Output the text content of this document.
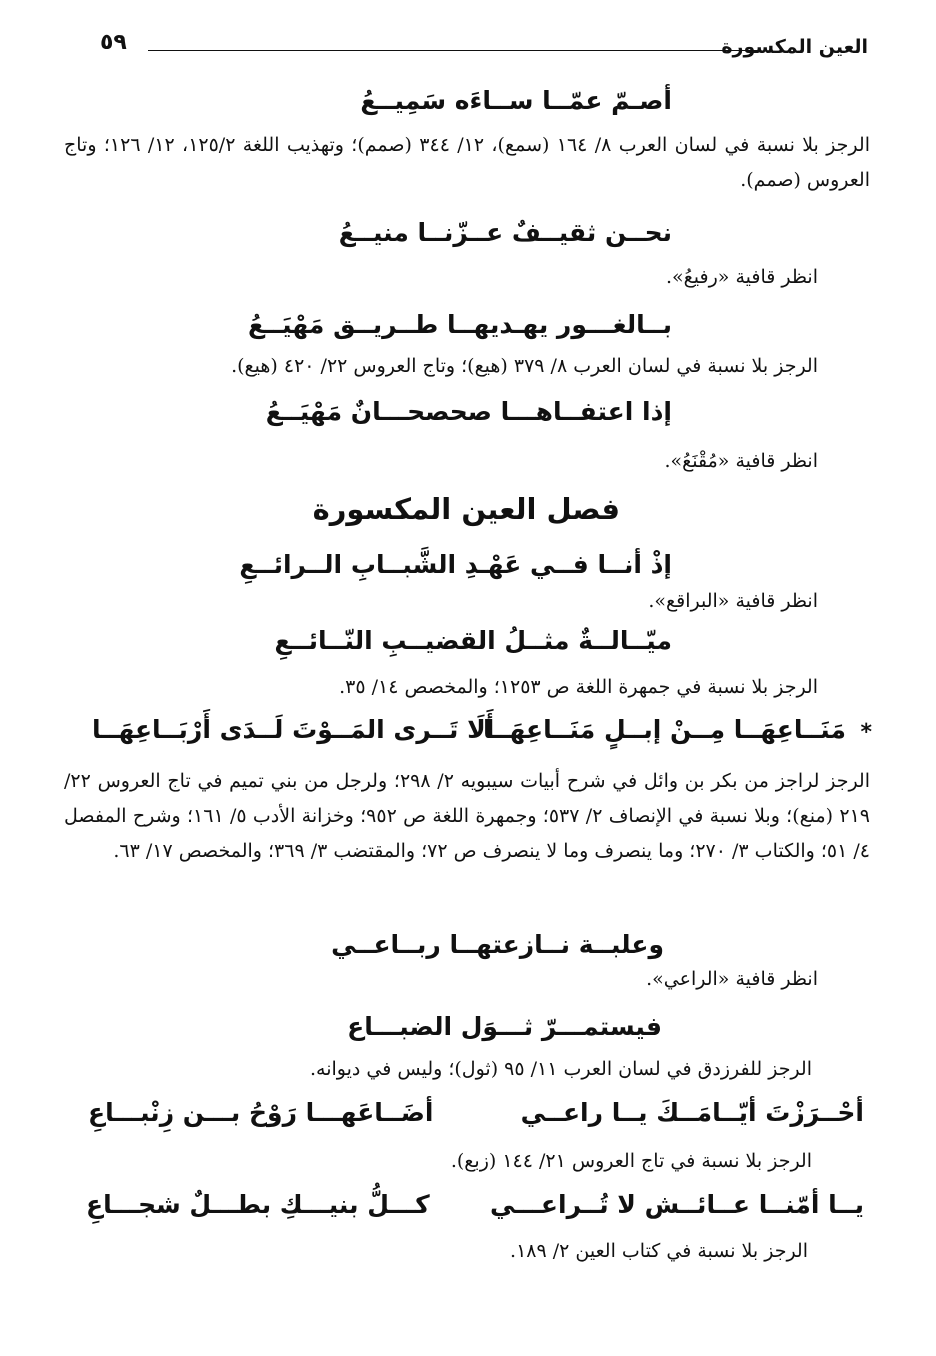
العين المكسورة
٥٩
أصـمّ عمّــا ســاءَه سَمِيــعُ
الرجز بلا نسبة في لسان العرب ٨/ ١٦٤ (سمع)، ١٢/ ٣٤٤ (صمم)؛ وتهذيب اللغة ١٢٥/٢، ١٢/ ١٢٦؛ وتاج العروس (صمم).
نحــن ثقيــفٌ عــزّنــا منيــعُ
انظر قافية «رفيعُ».
بــالغـــور يهـديهــا طــريــق مَهْيَــعُ
الرجز بلا نسبة في لسان العرب ٨/ ٣٧٩ (هيع)؛ وتاج العروس ٢٢/ ٤٢٠ (هيع).
إذا اعتفــاهـــا صحصحـــانٌ مَهْيَــعُ
انظر قافية «مُقْنَعُ».
فصل العين المكسورة
إذْ أنــا فــي عَهْـدِ الشَّبــابِ الــرائــعِ
انظر قافية «البراقع».
ميّــالــةٌ مثــلُ القضيــبِ النّــائــعِ
الرجز بلا نسبة في جمهرة اللغة ص ١٢٥٣؛ والمخصص ١٤/ ٣٥.
*
مَنَــاعِهَــا مِــنْ إبــلٍ مَنَــاعِهَــا
أَلَا تَــرى المَــوْتَ لَــدَى أَرْبَــاعِهَــا
الرجز لراجز من بكر بن وائل في شرح أبيات سيبويه ٢/ ٢٩٨؛ ولرجل من بني تميم في تاج العروس ٢٢/ ٢١٩ (منع)؛ وبلا نسبة في الإنصاف ٢/ ٥٣٧؛ وجمهرة اللغة ص ٩٥٢؛ وخزانة الأدب ٥/ ١٦١؛ وشرح المفصل ٤/ ٥١؛ والكتاب ٣/ ٢٧٠؛ وما ينصرف وما لا ينصرف ص ٧٢؛ والمقتضب ٣/ ٣٦٩؛ والمخصص ١٧/ ٦٣.
وعلبــة نــازعتهــا ربــاعــي
انظر قافية «الراعي».
فيستمـــرّ ثـــوَل الضبـــاع
الرجز للفرزدق في لسان العرب ١١/ ٩٥ (ثول)؛ وليس في ديوانه.
أحْــرَزْتَ أيّــامَــكَ يــا راعــي
أضَــاعَهـــا رَوْحُ بـــن زِنْبـــاعِ
الرجز بلا نسبة في تاج العروس ٢١/ ١٤٤ (زبع).
يــا أمّنــا عــائــش لا تُــراعـــي
كـــلُّ بنيـــكِ بطـــلٌ شجـــاعِ
الرجز بلا نسبة في كتاب العين ٢/ ١٨٩.
